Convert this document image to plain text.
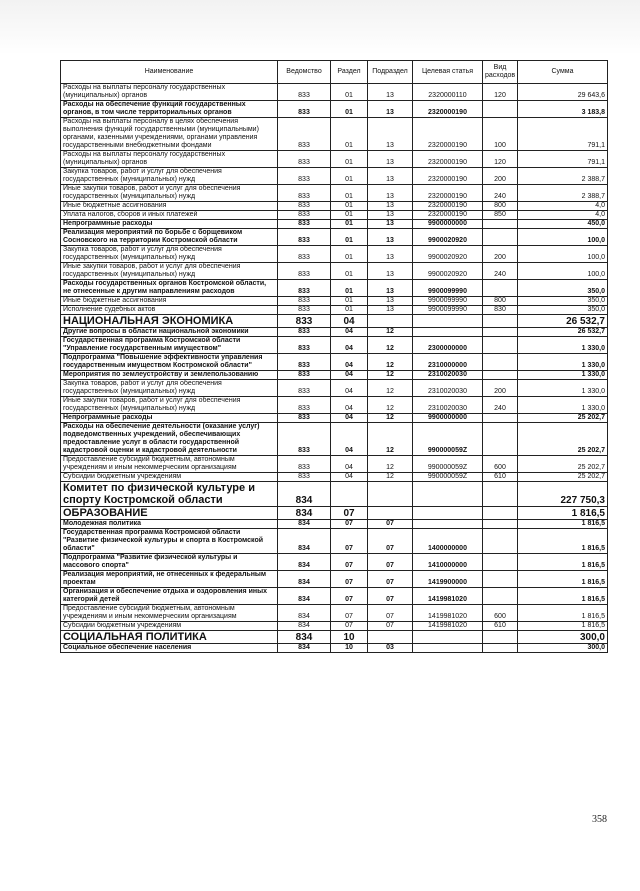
Наименование	Ведомство	Раздел	Подраздел	Целевая статья	Вид расходов	Сумма
Расходы на выплаты персоналу государственных (муниципальных) органов	833	01	13	2320000110	120	29 643,6
Расходы на обеспечение функций государственных органов, в том числе территориальных органов	833	01	13	2320000190		3 183,8
Расходы на выплаты персоналу в целях обеспечения выполнения функций государственными (муниципальными) органами, казенными учреждениями, органами управления государственными внебюджетными фондами	833	01	13	2320000190	100	791,1
Расходы на выплаты персоналу государственных (муниципальных) органов	833	01	13	2320000190	120	791,1
Закупка товаров, работ и услуг для обеспечения государственных (муниципальных) нужд	833	01	13	2320000190	200	2 388,7
Иные закупки товаров, работ и услуг для обеспечения государственных (муниципальных) нужд	833	01	13	2320000190	240	2 388,7
Иные бюджетные ассигнования	833	01	13	2320000190	800	4,0
Уплата налогов, сборов и иных платежей	833	01	13	2320000190	850	4,0
Непрограммные расходы	833	01	13	9900000000		450,0
Реализация мероприятий по борьбе с борщевиком Сосновского на территории Костромской области	833	01	13	9900020920		100,0
Закупка товаров, работ и услуг для обеспечения государственных (муниципальных) нужд	833	01	13	9900020920	200	100,0
Иные закупки товаров, работ и услуг для обеспечения государственных (муниципальных) нужд	833	01	13	9900020920	240	100,0
Расходы государственных органов Костромской области, не отнесенные к другим направлениям расходов	833	01	13	9900099990		350,0
Иные бюджетные ассигнования	833	01	13	9900099990	800	350,0
Исполнение судебных актов	833	01	13	9900099990	830	350,0
НАЦИОНАЛЬНАЯ ЭКОНОМИКА	833	04				26 532,7
Другие вопросы в области национальной экономики	833	04	12			26 532,7
Государственная программа Костромской области "Управление государственным имуществом"	833	04	12	2300000000		1 330,0
Подпрограмма "Повышение эффективности управления государственным имуществом Костромской области"	833	04	12	2310000000		1 330,0
Мероприятия по землеустройству и землепользованию	833	04	12	2310020030		1 330,0
Закупка товаров, работ и услуг для обеспечения государственных (муниципальных) нужд	833	04	12	2310020030	200	1 330,0
Иные закупки товаров, работ и услуг для обеспечения государственных (муниципальных) нужд	833	04	12	2310020030	240	1 330,0
Непрограммные расходы	833	04	12	9900000000		25 202,7
Расходы на обеспечение деятельности (оказание услуг) подведомственных учреждений, обеспечивающих предоставление услуг в области государственной кадастровой оценки и кадастровой деятельности	833	04	12	990000059Z		25 202,7
Предоставление субсидий бюджетным, автономным учреждениям и иным некоммерческим организациям	833	04	12	990000059Z	600	25 202,7
Субсидии бюджетным учреждениям	833	04	12	990000059Z	610	25 202,7
Комитет по физической культуре и спорту Костромской области	834					227 750,3
ОБРАЗОВАНИЕ	834	07				1 816,5
Молодежная политика	834	07	07			1 816,5
Государственная программа Костромской области "Развитие физической культуры и спорта в Костромской области"	834	07	07	1400000000		1 816,5
Подпрограмма "Развитие физической культуры и массового спорта"	834	07	07	1410000000		1 816,5
Реализация мероприятий, не отнесенных к федеральным проектам	834	07	07	1419900000		1 816,5
Организация и обеспечение отдыха и оздоровления иных категорий детей	834	07	07	1419981020		1 816,5
Предоставление субсидий бюджетным, автономным учреждениям и иным некоммерческим организациям	834	07	07	1419981020	600	1 816,5
Субсидии бюджетным учреждениям	834	07	07	1419981020	610	1 816,5
СОЦИАЛЬНАЯ ПОЛИТИКА	834	10				300,0
Социальное обеспечение населения	834	10	03			300,0
358
